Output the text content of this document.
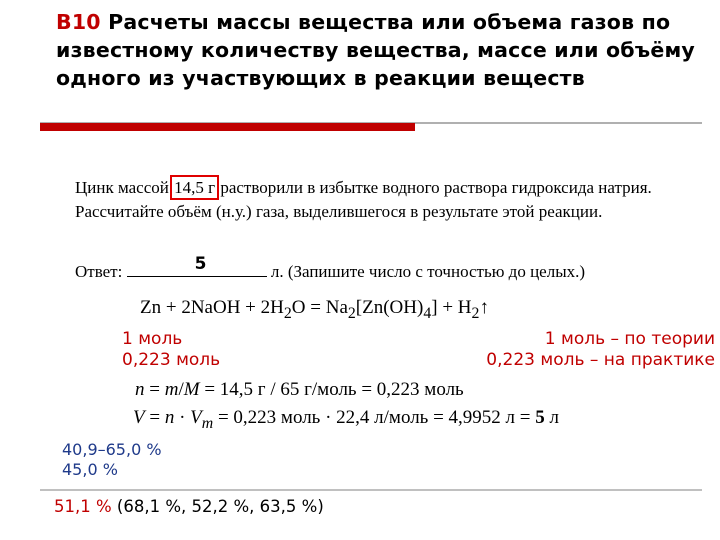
В10 Расчеты массы вещества или объема газов по известному количеству вещества, массе или объёму одного из участвующих в реакции веществ
Цинк массой 14,5 г растворили в избытке водного раствора гидроксида натрия. Рассчитайте объём (н.у.) газа, выделившегося в результате этой реакции.
Ответ:	5	л. (Запишите число с точностью до целых.)
Zn + 2NaOH + $2H_2O = Na_2[Zn(OH)_4]$ + $H_2↑$
1 моль
0,223 моль
1 моль – по теории
0,223 моль – на практике
n = m/M = 14,5 г / 65 г/моль = 0,223 моль
$V = n \cdot V_m = 0,223$ моль · 22,4 л/моль = 4,9952 л = 5 л
40,9–65,0 %
45,0 %
51,1 % (68,1 %, 52,2 %, 63,5 %)
